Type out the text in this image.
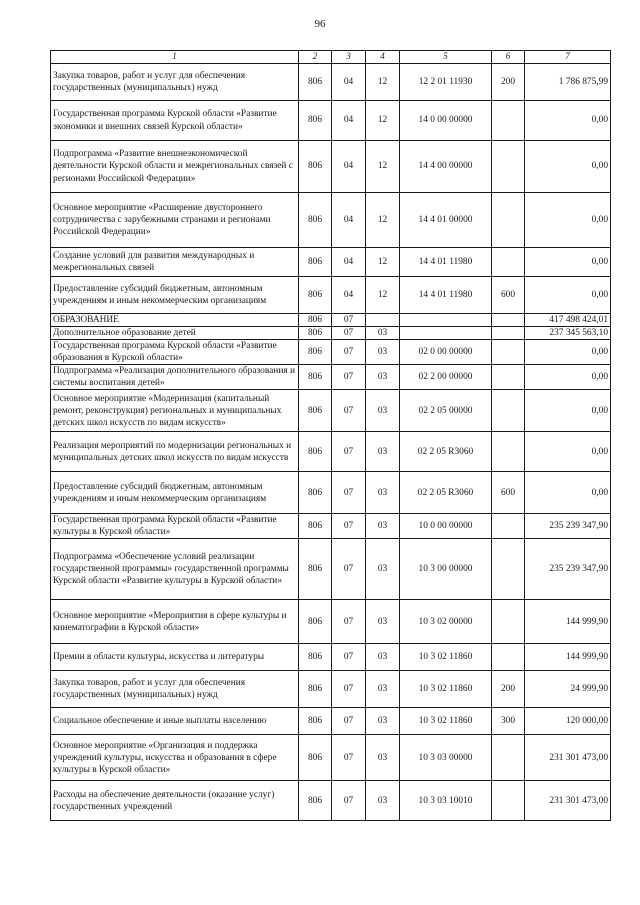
96
1	2	3	4	5	6	7
Закупка товаров, работ и услуг для обеспечения государственных (муниципальных) нужд	806	04	12	12 2 01 11930	200	1 786 875,99
Государственная программа Курской области «Развитие экономики и внешних связей Курской области»	806	04	12	14 0 00 00000		0,00
Подпрограмма «Развитие внешнеэкономической деятельности Курской области и межрегиональных связей с регионами Российской Федерации»	806	04	12	14 4 00 00000		0,00
Основное мероприятие «Расширение двустороннего сотрудничества с зарубежными странами и регионами Российской Федерации»	806	04	12	14 4 01 00000		0,00
Создание условий для развития международных и межрегиональных связей	806	04	12	14 4 01 11980		0,00
Предоставление субсидий бюджетным, автономным учреждениям и иным некоммерческим организациям	806	04	12	14 4 01 11980	600	0,00
ОБРАЗОВАНИЕ	806	07				417 498 424,01
Дополнительное образование детей	806	07	03			237 345 563,10
Государственная программа Курской области «Развитие образования в Курской области»	806	07	03	02 0 00 00000		0,00
Подпрограмма «Реализация дополнительного образования и системы воспитания детей»	806	07	03	02 2 00 00000		0,00
Основное мероприятие «Модернизация (капитальный ремонт, реконструкция) региональных и муниципальных детских школ искусств по видам искусств»	806	07	03	02 2 05 00000		0,00
Реализация мероприятий по модернизации региональных и муниципальных детских школ искусств по видам искусств	806	07	03	02 2 05 R3060		0,00
Предоставление субсидий бюджетным, автономным учреждениям и иным некоммерческим организациям	806	07	03	02 2 05 R3060	600	0,00
Государственная программа Курской области «Развитие культуры в Курской области»	806	07	03	10 0 00 00000		235 239 347,90
Подпрограмма «Обеспечение условий реализации государственной программы» государственной программы Курской области «Развитие культуры в Курской области»	806	07	03	10 3 00 00000		235 239 347,90
Основное мероприятие «Мероприятия в сфере культуры и кинематографии в Курской области»	806	07	03	10 3 02 00000		144 999,90
Премии в области культуры, искусства и литературы	806	07	03	10 3 02 11860		144 999,90
Закупка товаров, работ и услуг для обеспечения государственных (муниципальных) нужд	806	07	03	10 3 02 11860	200	24 999,90
Социальное обеспечение и иные выплаты населению	806	07	03	10 3 02 11860	300	120 000,00
Основное мероприятие «Организация и поддержка учреждений культуры, искусства и образования в сфере культуры в Курской области»	806	07	03	10 3 03 00000		231 301 473,00
Расходы на обеспечение деятельности (оказание услуг) государственных учреждений	806	07	03	10 3 03 10010		231 301 473,00
